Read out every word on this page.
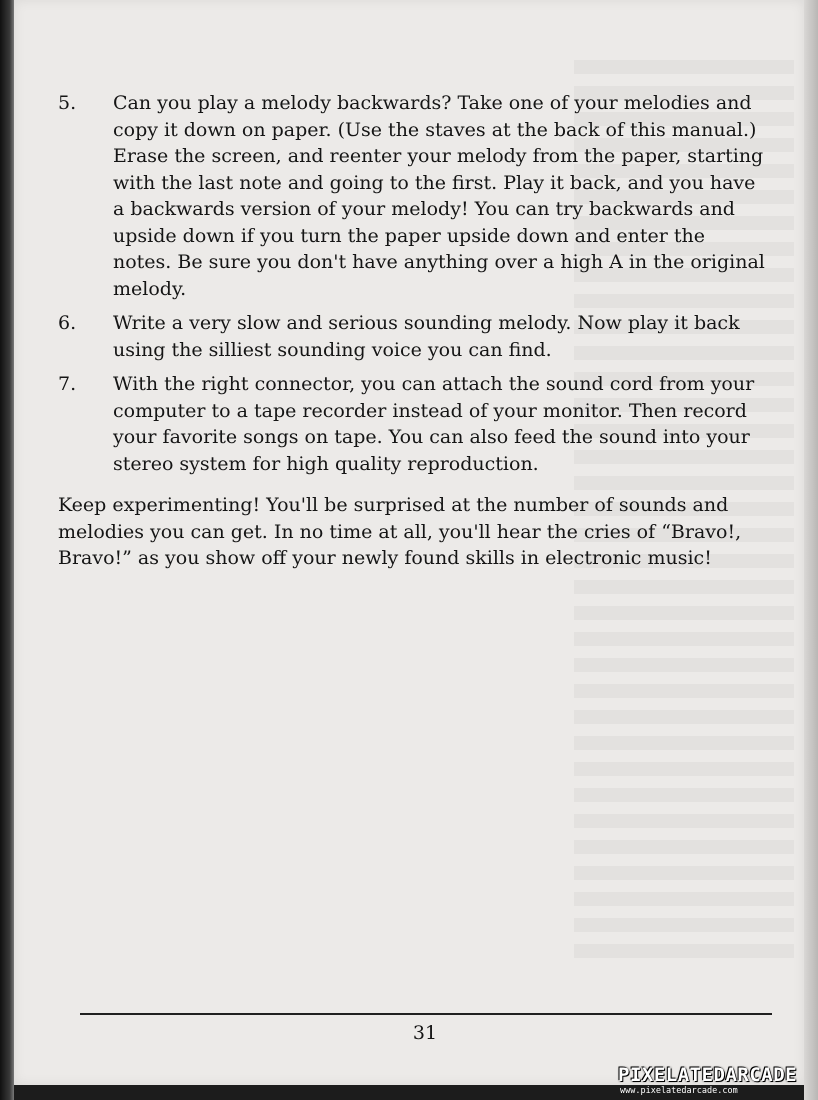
5.	Can you play a melody backwards? Take one of your melodies and copy it down on paper. (Use the staves at the back of this manual.) Erase the screen, and reenter your melody from the paper, starting with the last note and going to the first. Play it back, and you have a backwards version of your melody! You can try backwards and upside down if you turn the paper upside down and enter the notes. Be sure you don't have anything over a high A in the original melody.
6.	Write a very slow and serious sounding melody. Now play it back using the silliest sounding voice you can find.
7.	With the right connector, you can attach the sound cord from your computer to a tape recorder instead of your monitor. Then record your favorite songs on tape. You can also feed the sound into your stereo system for high quality reproduction.

Keep experimenting! You'll be surprised at the number of sounds and melodies you can get. In no time at all, you'll hear the cries of “Bravo!, Bravo!” as you show off your newly found skills in electronic music!

31
PIXELATEDARCADE
www.pixelatedarcade.com
